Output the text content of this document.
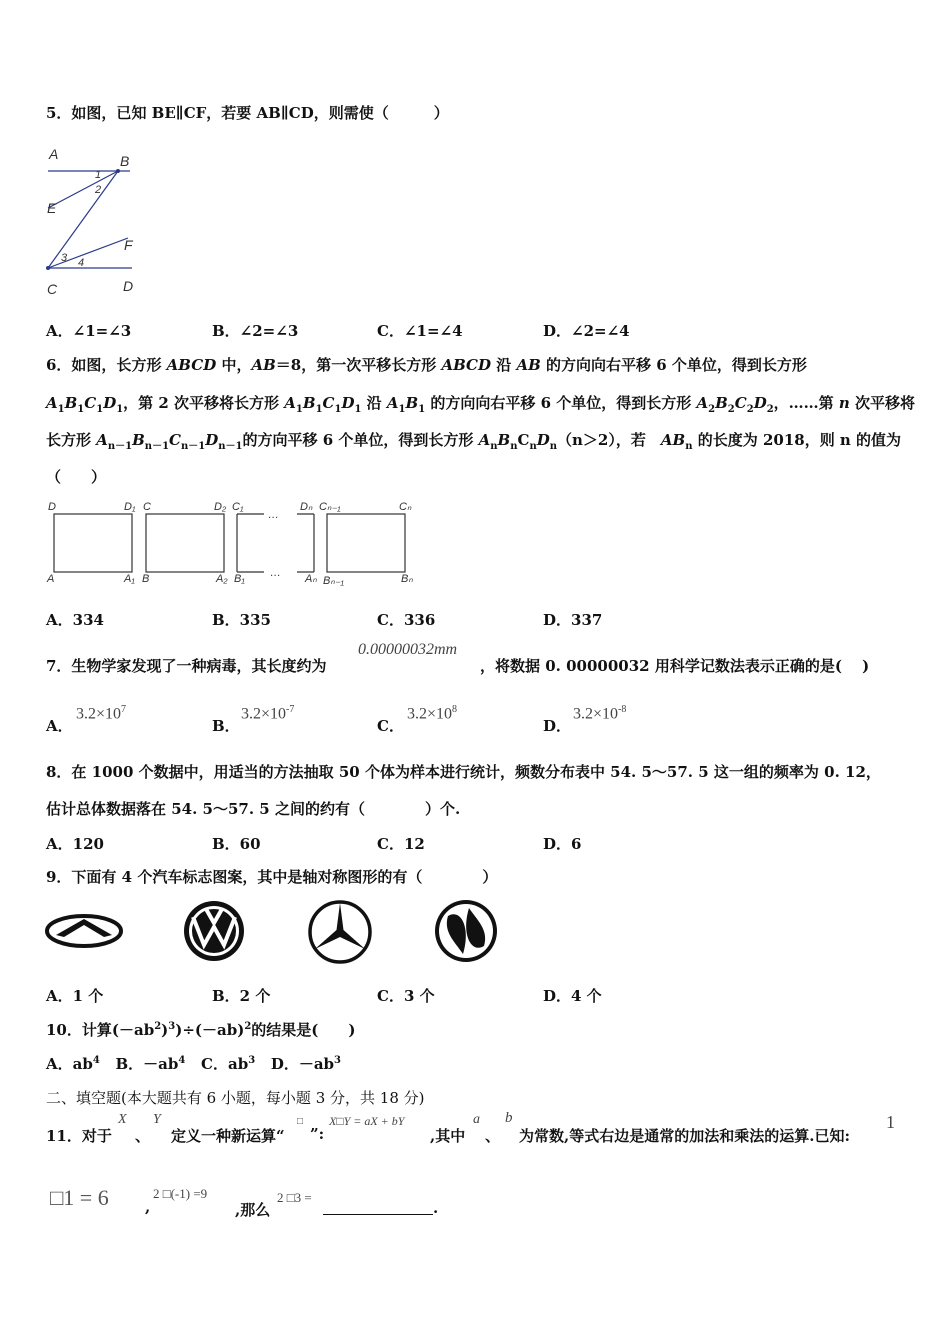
5．如图，已知 BE∥CF，若要 AB∥CD，则需使（　　　）
A	B
E
F
C	D
1
2
3 4
A．∠1=∠3	B．∠2=∠3	C．∠1=∠4	D．∠2=∠4
6．如图，长方形 ABCD 中，AB＝8，第一次平移长方形 ABCD 沿 AB 的方向向右平移 6 个单位，得到长方形
$A_1B_1C_1D_1$，第 2 次平移将长方形 $A_1B_1C_1D_1$ 沿 $A_1B_1$ 的方向向右平移 6 个单位，得到长方形 $A_2B_2C_2D_2$，……第 n 次平移将
长方形 $A_{n-1}B_{n-1}C_{n-1}D_{n-1}$的方向平移 6 个单位，得到长方形 $A_nB_nC_nD_n(n>2)$，若　 $AB_n$ 的长度为 2018，则 n 的值为
（　　）
D	D₁ C	D₂ C₁
…
Dₙ Cₙ₋₁	Cₙ
A	A₁ B	A₂ B₁ … Aₙ Bₙ₋₁	Bₙ
A．334	B．335	C．336	D．337
7．生物学家发现了一种病毒，其长度约为
0.00000032mm
，将数据 0. 00000032 用科学记数法表示正确的是(　 )
A．
$3.2\times 10^7$
B．
$3.2\times 10^{-7}$
C．
$3.2\times 10^8$
D．
$3.2\times 10^{-8}$
8．在 1000 个数据中，用适当的方法抽取 50 个体为样本进行统计，频数分布表中 54. 5～57. 5 这一组的频率为 0. 12，
估计总体数据落在 54. 5～57. 5 之间的约有（　　　　）个.
A．120	B．60	C．12	D．6
9．下面有 4 个汽车标志图案，其中是轴对称图形的有（　　　　）
A．1 个	B．2 个	C．3 个	D．4 个
10．计算$(-ab^2)^3)\div(-ab)^2$的结果是(　　)
A．$ab^4$ B．$-ab^4$ C．$ab^3$ D．$-ab^3$
二、填空题(本大题共有 6 小题，每小题 3 分，共 18 分)
11．对于
X
、
Y
定义一种新运算“
□
”:
X□Y = aX + bY
,其中
a
、
b
为常数,等式右边是通常的加法和乘法的运算.已知:
1
□1 = 6 ,
2 □(-1) =9
,那么
2 □3 =
.
